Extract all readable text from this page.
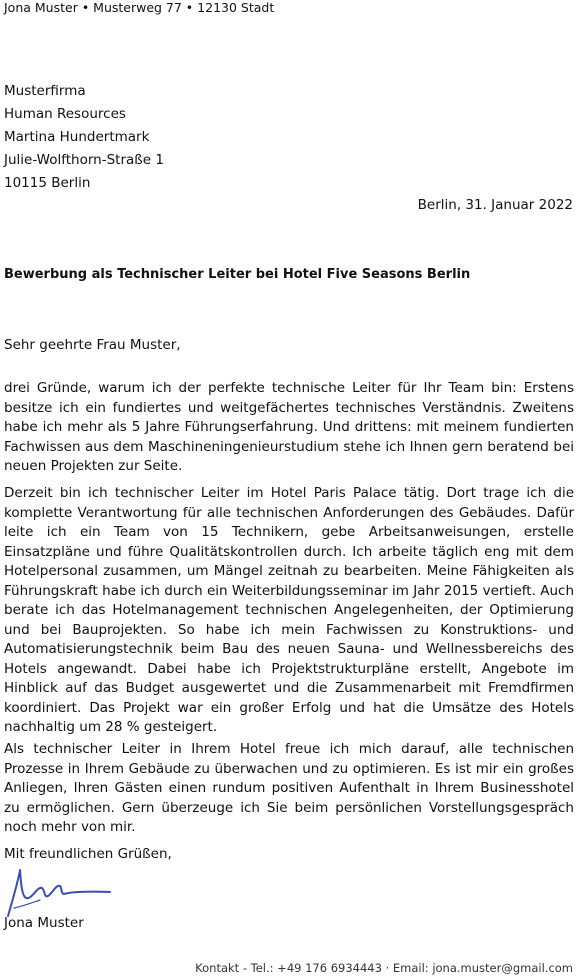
Jona Muster • Musterweg 77 • 12130 Stadt
Musterfirma
Human Resources
Martina Hundertmark
Julie-Wolfthorn-Straße 1
10115 Berlin
Berlin, 31. Januar 2022
Bewerbung als Technischer Leiter bei Hotel Five Seasons Berlin
Sehr geehrte Frau Muster,
drei Gründe, warum ich der perfekte technische Leiter für Ihr Team bin: Erstens besitze ich ein fundiertes und weitgefächertes technisches Verständnis. Zweitens habe ich mehr als 5 Jahre Führungserfahrung. Und drittens: mit meinem fundierten Fachwissen aus dem Maschineningenieurstudium stehe ich Ihnen gern beratend bei neuen Projekten zur Seite.
Derzeit bin ich technischer Leiter im Hotel Paris Palace tätig. Dort trage ich die komplette Verantwortung für alle technischen Anforderungen des Gebäudes. Dafür leite ich ein Team von 15 Technikern, gebe Arbeitsanweisungen, erstelle Einsatzpläne und führe Qualitätskontrollen durch. Ich arbeite täglich eng mit dem Hotelpersonal zusammen, um Mängel zeitnah zu bearbeiten. Meine Fähigkeiten als Führungskraft habe ich durch ein Weiterbildungsseminar im Jahr 2015 vertieft. Auch berate ich das Hotelmanagement technischen Angelegenheiten, der Optimierung und bei Bauprojekten. So habe ich mein Fachwissen zu Konstruktions- und Automatisierungstechnik beim Bau des neuen Sauna- und Wellnessbereichs des Hotels angewandt. Dabei habe ich Projektstrukturpläne erstellt, Angebote im Hinblick auf das Budget ausgewertet und die Zusammenarbeit mit Fremdfirmen koordiniert. Das Projekt war ein großer Erfolg und hat die Umsätze des Hotels nachhaltig um 28 % gesteigert.
Als technischer Leiter in Ihrem Hotel freue ich mich darauf, alle technischen Prozesse in Ihrem Gebäude zu überwachen und zu optimieren. Es ist mir ein großes Anliegen, Ihren Gästen einen rundum positiven Aufenthalt in Ihrem Businesshotel zu ermöglichen. Gern überzeuge ich Sie beim persönlichen Vorstellungsgespräch noch mehr von mir.
Mit freundlichen Grüßen,
Jona Muster
Kontakt - Tel.: +49 176 6934443 · Email: jona.muster@gmail.com
